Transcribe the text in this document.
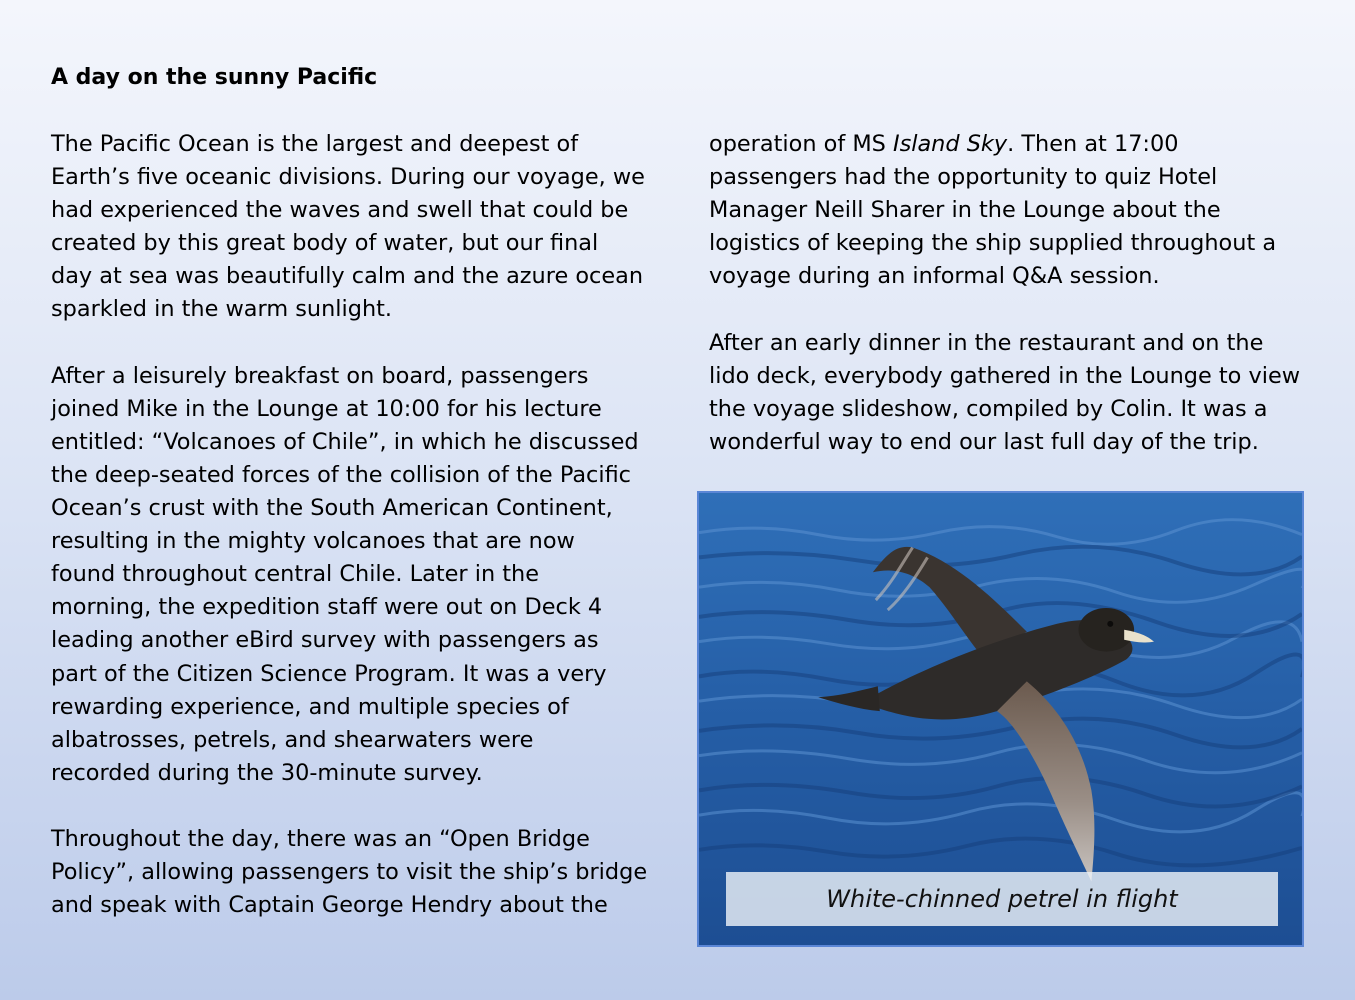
A day on the sunny Pacific

The Pacific Ocean is the largest and deepest of
Earth’s five oceanic divisions. During our voyage, we
had experienced the waves and swell that could be
created by this great body of water, but our final
day at sea was beautifully calm and the azure ocean
sparkled in the warm sunlight.

After a leisurely breakfast on board, passengers
joined Mike in the Lounge at 10:00 for his lecture
entitled: “Volcanoes of Chile”, in which he discussed
the deep-seated forces of the collision of the Pacific
Ocean’s crust with the South American Continent,
resulting in the mighty volcanoes that are now
found throughout central Chile. Later in the
morning, the expedition staff were out on Deck 4
leading another eBird survey with passengers as
part of the Citizen Science Program. It was a very
rewarding experience, and multiple species of
albatrosses, petrels, and shearwaters were
recorded during the 30-minute survey.

Throughout the day, there was an “Open Bridge
Policy”, allowing passengers to visit the ship’s bridge
and speak with Captain George Hendry about the

operation of MS Island Sky. Then at 17:00
passengers had the opportunity to quiz Hotel
Manager Neill Sharer in the Lounge about the
logistics of keeping the ship supplied throughout a
voyage during an informal Q&A session.

After an early dinner in the restaurant and on the
lido deck, everybody gathered in the Lounge to view
the voyage slideshow, compiled by Colin. It was a
wonderful way to end our last full day of the trip.

White-chinned petrel in flight
